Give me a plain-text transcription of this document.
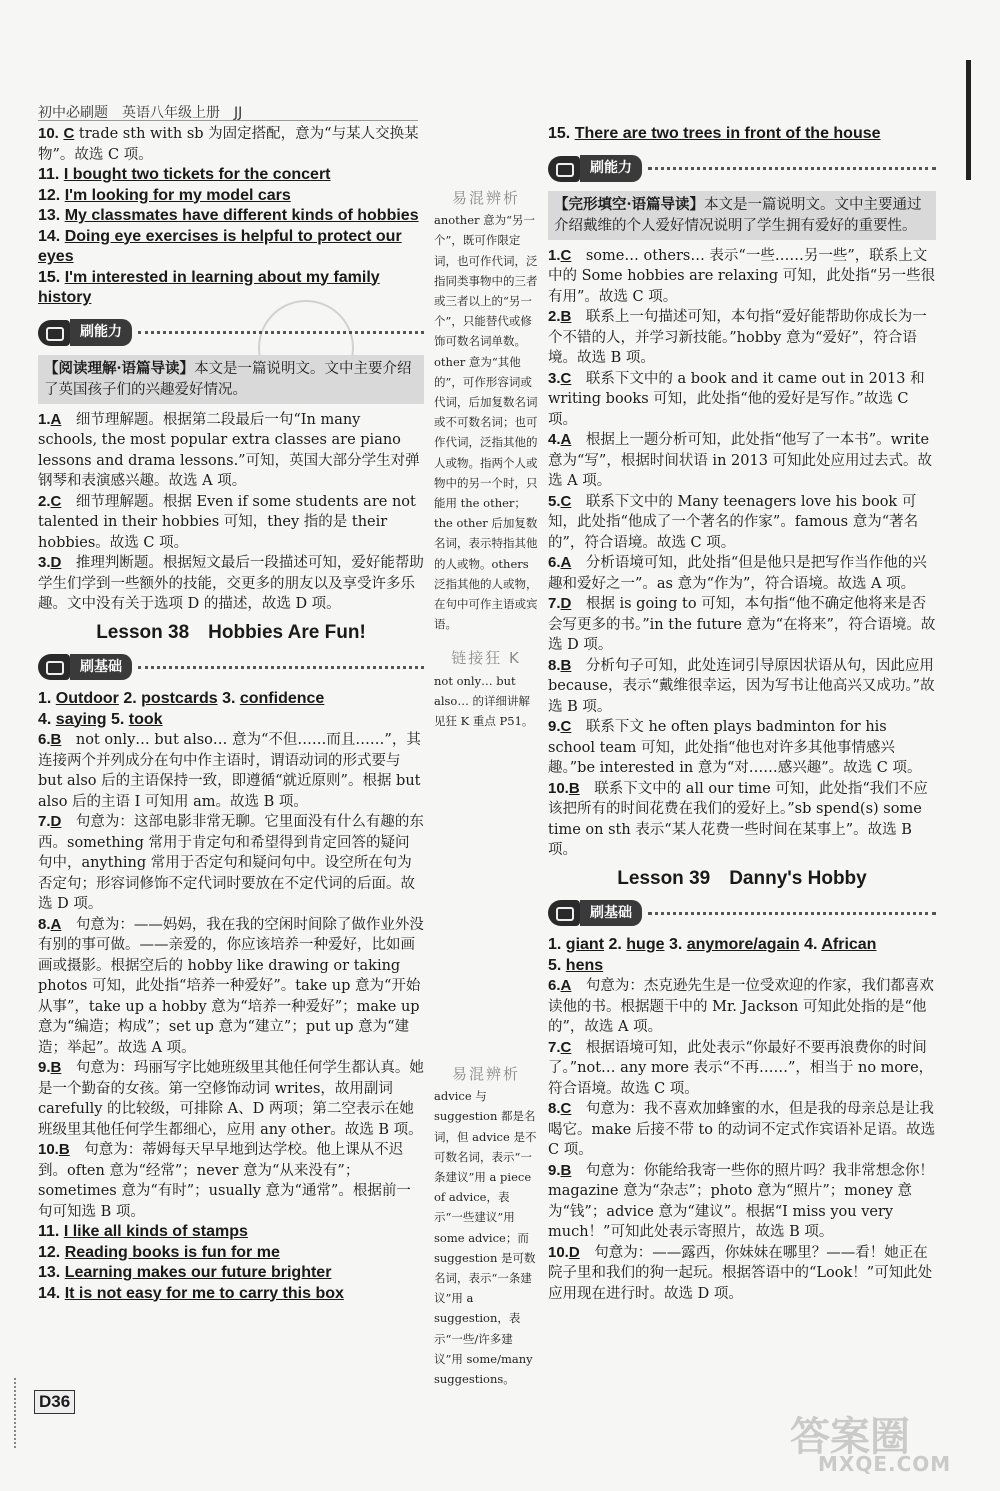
初中必刷题　英语八年级上册　JJ

10. C trade sth with sb 为固定搭配，意为“与某人交换某物”。故选 C 项。

11. I bought two tickets for the concert
12. I'm looking for my model cars
13. My classmates have different kinds of hobbies
14. Doing eye exercises is helpful to protect our eyes
15. I'm interested in learning about my family history
刷能力
【阅读理解·语篇导读】本文是一篇说明文。文中主要介绍了英国孩子们的兴趣爱好情况。

1.A　 细节理解题。根据第二段最后一句“In many schools, the most popular extra classes are piano lessons and drama lessons.”可知，英国大部分学生对弹钢琴和表演感兴趣。故选 A 项。

2.C　 细节理解题。根据 Even if some students are not talented in their hobbies 可知，they 指的是 their hobbies。故选 C 项。

3.D　 推理判断题。根据短文最后一段描述可知，爱好能帮助学生们学到一些额外的技能，交更多的朋友以及享受许多乐趣。文中没有关于选项 D 的描述，故选 D 项。

Lesson 38　Hobbies Are Fun!
刷基础
1. Outdoor 2. postcards 3. confidence
4. saying 5. took

6.B　 not only… but also… 意为“不但……而且……”，其连接两个并列成分在句中作主语时，谓语动词的形式要与 but also 后的主语保持一致，即遵循“就近原则”。根据 but also 后的主语 I 可知用 am。故选 B 项。

7.D　 句意为：这部电影非常无聊。它里面没有什么有趣的东西。something 常用于肯定句和希望得到肯定回答的疑问句中，anything 常用于否定句和疑问句中。设空所在句为否定句；形容词修饰不定代词时要放在不定代词的后面。故选 D 项。

8.A　 句意为：——妈妈，我在我的空闲时间除了做作业外没有别的事可做。——亲爱的，你应该培养一种爱好，比如画画或摄影。根据空后的 hobby like drawing or taking photos 可知，此处指“培养一种爱好”。take up 意为“开始从事”，take up a hobby 意为“培养一种爱好”；make up 意为“编造；构成”；set up 意为“建立”；put up 意为“建造；举起”。故选 A 项。

9.B　 句意为：玛丽写字比她班级里其他任何学生都认真。她是一个勤奋的女孩。第一空修饰动词 writes，故用副词 carefully 的比较级，可排除 A、D 两项；第二空表示在她班级里其他任何学生都细心，应用 any other。故选 B 项。

10.B　 句意为：蒂姆每天早早地到达学校。他上课从不迟到。often 意为“经常”；never 意为“从来没有”；sometimes 意为“有时”；usually 意为“通常”。根据前一句可知选 B 项。

11. I like all kinds of stamps
12. Reading books is fun for me
13. Learning makes our future brighter
14. It is not easy for me to carry this box
易混辨析
another 意为“另一个”，既可作限定词，也可作代词，泛指同类事物中的三者或三者以上的“另一个”，只能替代或修饰可数名词单数。other 意为“其他的”，可作形容词或代词，后加复数名词或不可数名词；也可作代词，泛指其他的人或物。指两个人或物中的另一个时，只能用 the other；the other 后加复数名词，表示特指其他的人或物。others 泛指其他的人或物，在句中可作主语或宾语。
链接狂 K
not only… but also… 的详细讲解见狂 K 重点 P51。
易混辨析
advice 与 suggestion 都是名词，但 advice 是不可数名词，表示“一条建议”用 a piece of advice，表示“一些建议”用 some advice；而 suggestion 是可数名词，表示“一条建议”用 a suggestion，表示“一些/许多建议”用 some/many suggestions。
15. There are two trees in front of the house
刷能力
【完形填空·语篇导读】本文是一篇说明文。文中主要通过介绍戴维的个人爱好情况说明了学生拥有爱好的重要性。

1.C　 some… others… 表示“一些……另一些”，联系上文中的 Some hobbies are relaxing 可知，此处指“另一些很有用”。故选 C 项。

2.B　 联系上一句描述可知，本句指“爱好能帮助你成长为一个不错的人，并学习新技能。”hobby 意为“爱好”，符合语境。故选 B 项。

3.C　 联系下文中的 a book and it came out in 2013 和 writing books 可知，此处指“他的爱好是写作。”故选 C 项。

4.A　 根据上一题分析可知，此处指“他写了一本书”。write 意为“写”，根据时间状语 in 2013 可知此处应用过去式。故选 A 项。

5.C　 联系下文中的 Many teenagers love his book 可知，此处指“他成了一个著名的作家”。famous 意为“著名的”，符合语境。故选 C 项。

6.A　 分析语境可知，此处指“但是他只是把写作当作他的兴趣和爱好之一”。as 意为“作为”，符合语境。故选 A 项。

7.D　 根据 is going to 可知，本句指“他不确定他将来是否会写更多的书。”in the future 意为“在将来”，符合语境。故选 D 项。

8.B　 分析句子可知，此处连词引导原因状语从句，因此应用 because，表示“戴维很幸运，因为写书让他高兴又成功。”故选 B 项。

9.C　 联系下文 he often plays badminton for his school team 可知，此处指“他也对许多其他事情感兴趣。”be interested in 意为“对……感兴趣”。故选 C 项。

10.B　 联系下文中的 all our time 可知，此处指“我们不应该把所有的时间花费在我们的爱好上。”sb spend(s) some time on sth 表示“某人花费一些时间在某事上”。故选 B 项。

Lesson 39　Danny's Hobby
刷基础
1. giant 2. huge 3. anymore/again 4. African
5. hens

6.A　 句意为：杰克逊先生是一位受欢迎的作家，我们都喜欢读他的书。根据题干中的 Mr. Jackson 可知此处指的是“他的”，故选 A 项。

7.C　 根据语境可知，此处表示“你最好不要再浪费你的时间了。”not… any more 表示“不再……”，相当于 no more，符合语境。故选 C 项。

8.C　 句意为：我不喜欢加蜂蜜的水，但是我的母亲总是让我喝它。make 后接不带 to 的动词不定式作宾语补足语。故选 C 项。

9.B　 句意为：你能给我寄一些你的照片吗？我非常想念你！magazine 意为“杂志”；photo 意为“照片”；money 意为“钱”；advice 意为“建议”。根据“I miss you very much！”可知此处表示寄照片，故选 B 项。

10.D　 句意为：——露西，你妹妹在哪里？——看！她正在院子里和我们的狗一起玩。根据答语中的“Look！”可知此处应用现在进行时。故选 D 项。

D36
答案圈
MXQE.COM
